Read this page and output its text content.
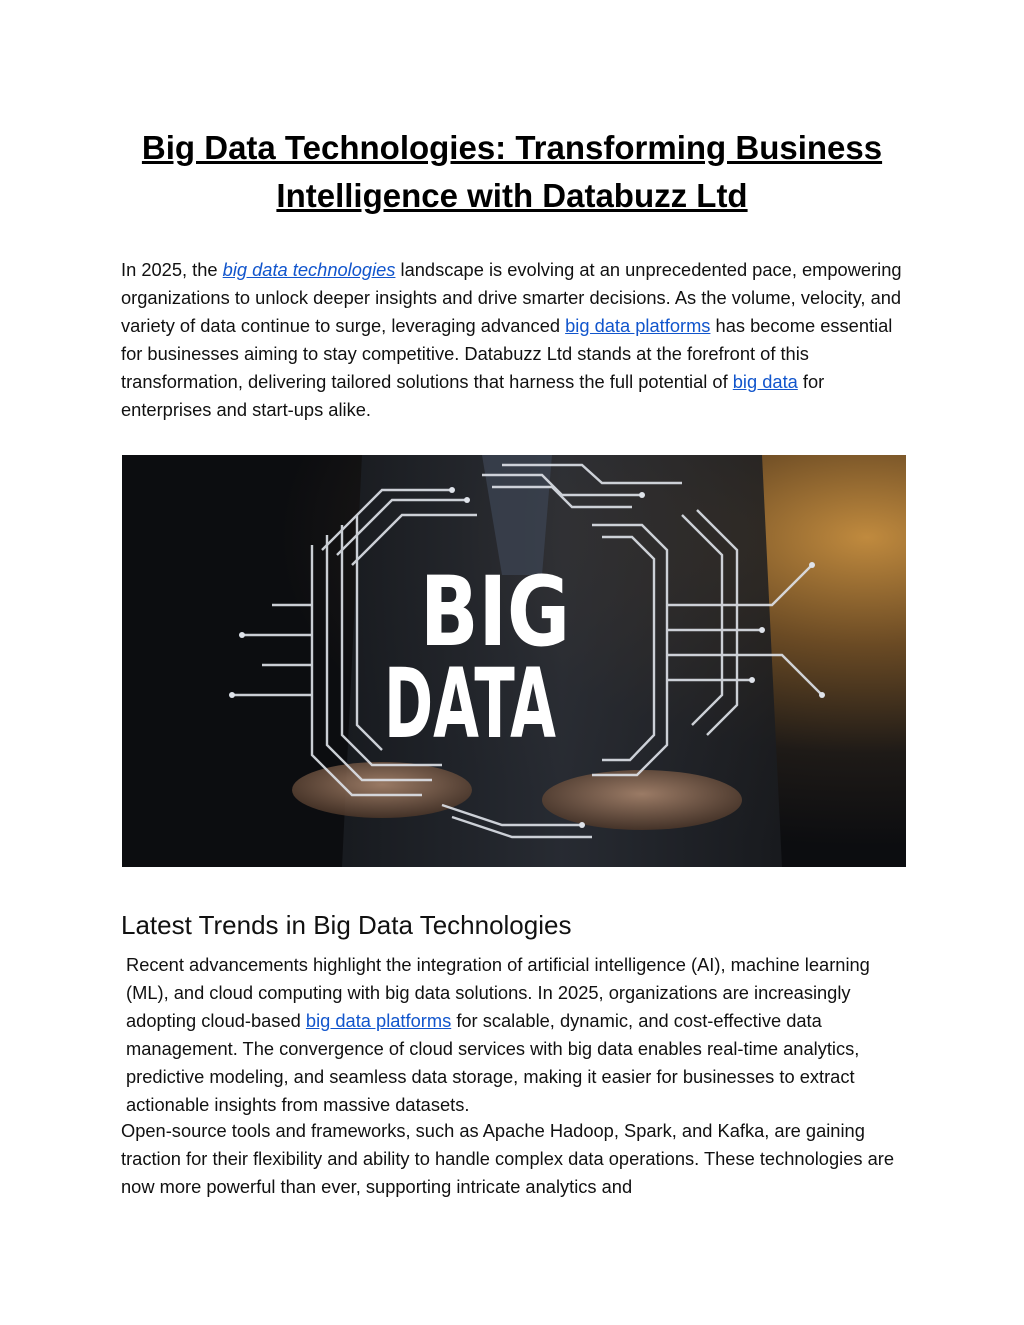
Big Data Technologies: Transforming Business
Intelligence with Databuzz Ltd

In 2025, the big data technologies landscape is evolving at an unprecedented pace, empowering organizations to unlock deeper insights and drive smarter decisions. As the volume, velocity, and variety of data continue to surge, leveraging advanced big data platforms has become essential for businesses aiming to stay competitive. Databuzz Ltd stands at the forefront of this transformation, delivering tailored solutions that harness the full potential of big data for enterprises and start-ups alike.

BIG
DATA
Latest Trends in Big Data Technologies

Recent advancements highlight the integration of artificial intelligence (AI), machine learning (ML), and cloud computing with big data solutions. In 2025, organizations are increasingly adopting cloud-based big data platforms for scalable, dynamic, and cost-effective data management. The convergence of cloud services with big data enables real-time analytics, predictive modeling, and seamless data storage, making it easier for businesses to extract actionable insights from massive datasets.

Open-source tools and frameworks, such as Apache Hadoop, Spark, and Kafka, are gaining traction for their flexibility and ability to handle complex data operations. These technologies are now more powerful than ever, supporting intricate analytics and
